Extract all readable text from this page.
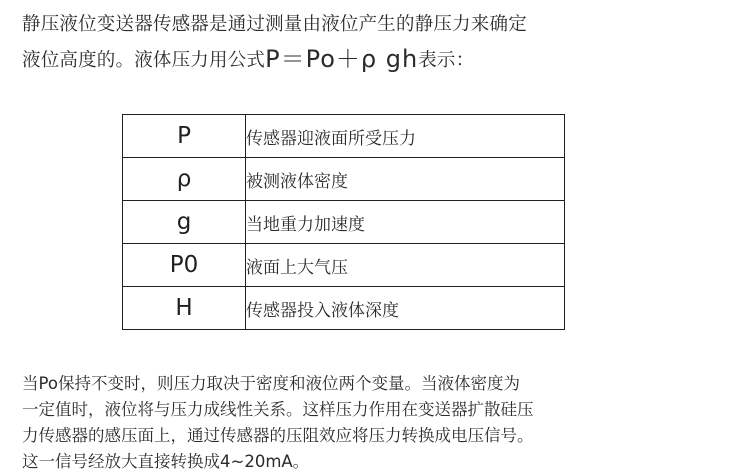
静压液位变送器传感器是通过测量由液位产生的静压力来确定
液位高度的。液体压力用公式P＝Po＋ρ gh表示：
P	传感器迎液面所受压力
ρ	被测液体密度
g	当地重力加速度
P0	液面上大气压
H	传感器投入液体深度
当Po保持不变时，则压力取决于密度和液位两个变量。当液体密度为
一定值时，液位将与压力成线性关系。这样压力作用在变送器扩散硅压
力传感器的感压面上，通过传感器的压阻效应将压力转换成电压信号。
这一信号经放大直接转换成4~20mA。
